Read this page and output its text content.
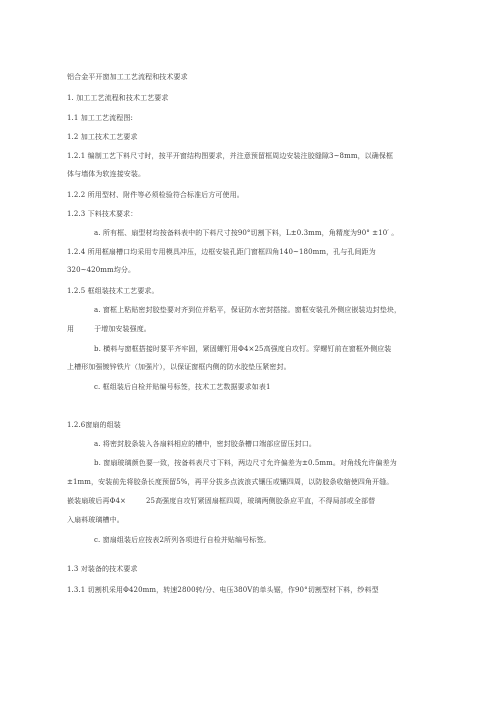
铝合金平开窗加工工艺流程和技术要求
1. 加工工艺流程和技术工艺要求
1.1 加工工艺流程图:
1.2 加工技术工艺要求
1.2.1 编制工艺下料尺寸时，按平开窗结构图要求，并注意预留框周边安装注胶缝隙3~8mm，以确保框
体与墙体为软连接安装。
1.2.2 所用型材、附件等必须检验符合标准后方可使用。
1.2.3 下料技术要求：
a. 所有框、扇型材均按备料表中的下料尺寸按90°切割下料，L±0.3mm，角精度为90° ±10′ 。
1.2.4 所用框扇槽口均采用专用模具冲压，边框安装孔距门窗框四角140~180mm，孔与孔间距为
320~420mm均分。
1.2.5 框组装技术工艺要求。
a. 窗框上粘贴密封胶垫要对齐到位并粘平，保证防水密封搭接。窗框安装孔外侧应嵌装边封垫块，
用	于增加安装强度。
b. 横料与窗框搭接时要平齐牢固，紧固螺钉用Φ4×25高强度自攻钉。穿螺钉前在窗框外侧应装
上槽形加强镀锌铁片（加强片），以保证窗框内侧的防水胶垫压紧密封。
c. 框组装后自检并贴编号标签，技术工艺数据要求如表1
1.2.6窗扇的组装
a. 将密封胶条装入各扇料相应的槽中，密封胶条槽口端部应留压封口。
b. 窗扇玻璃颜色要一致，按备料表尺寸下料，两边尺寸允许偏差为±0.5mm。对角线允许偏差为
±1mm，安装前先将胶条长度预留5%，再平分拔多点波浪式镶压或镶四周，以防胶条收缩使四角开缝。
嵌装扇玻后再Φ4×	25高强度自攻钉紧固扇框四周，玻璃两侧胶条应平直，不得局部或全部替
入扇料玻璃槽中。
c. 窗扇组装后应按表2所列各项进行自检并贴编号标签。
1.3 对装备的技术要求
1.3.1 切割机采用Φ420mm，转速2800转/分、电压380V的单头锯，作90°切割型材下料，纱料型
